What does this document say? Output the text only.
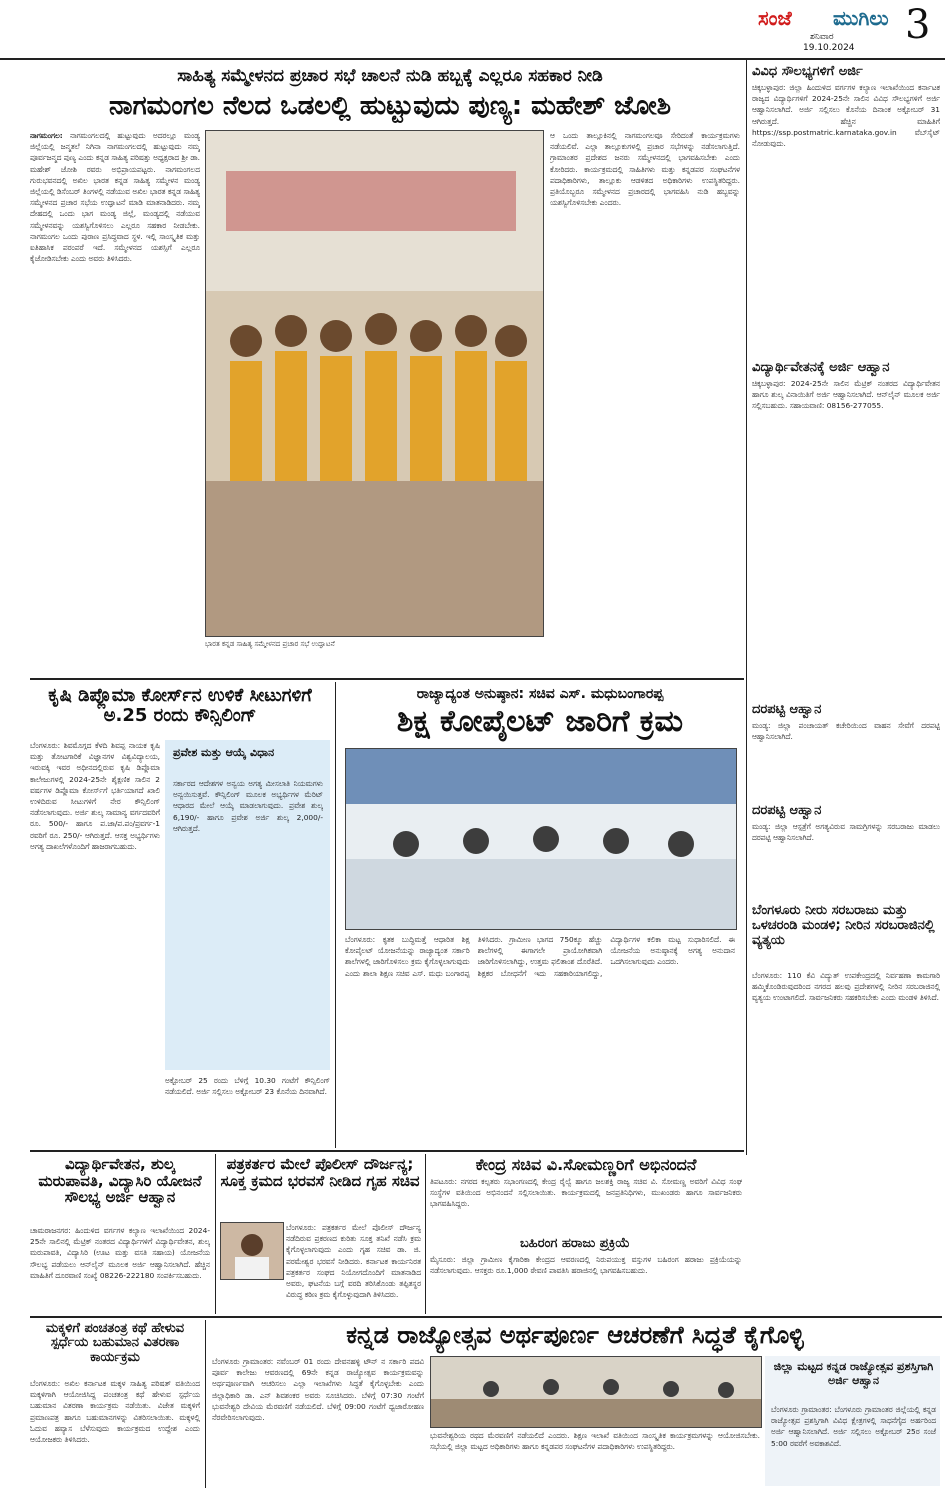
ಸಂಜೆ ಮುಗಿಲು
ಶನಿವಾರ
19.10.2024 3
ಸಾಹಿತ್ಯ ಸಮ್ಮೇಳನದ ಪ್ರಚಾರ ಸಭೆ ಚಾಲನೆ ನುಡಿ ಹಬ್ಬಕ್ಕೆ ಎಲ್ಲರೂ ಸಹಕಾರ ನೀಡಿ
ನಾಗಮಂಗಲ ನೆಲದ ಒಡಲಲ್ಲಿ ಹುಟ್ಟುವುದು ಪುಣ್ಯ: ಮಹೇಶ್ ಜೋಶಿ
ನಾಗಮಂಗಲ: ನಾಗಮಂಗಲದಲ್ಲಿ ಹುಟ್ಟುವುದು ಅದರಲ್ಲೂ ಮಂಡ್ಯ ಜಿಲ್ಲೆಯಲ್ಲಿ ಜನ್ಮತಲೆ ನಿಗಿನಾ ನಾಗಮಂಗಲದಲ್ಲಿ ಹುಟ್ಟುವುದು ನಮ್ಮ ಪೂರ್ವಜನ್ಮದ ಪುಣ್ಯ ಎಂದು ಕನ್ನಡ ಸಾಹಿತ್ಯ ಪರಿಷತ್ತು ಅಧ್ಯಕ್ಷರಾದ ಶ್ರೀ ಡಾ. ಮಹೇಶ್ ಜೋಶಿ ರವರು ಅಭಿಪ್ರಾಯಪಟ್ಟರು. ನಾಗಮಂಗಲದ ಗುರುಭವನದಲ್ಲಿ ಅಖಿಲ ಭಾರತ ಕನ್ನಡ ಸಾಹಿತ್ಯ ಸಮ್ಮೇಳನ ಮಂಡ್ಯ ಜಿಲ್ಲೆಯಲ್ಲಿ ಡಿಸೆಂಬರ್ ತಿಂಗಳಲ್ಲಿ ನಡೆಯುವ ಅಖಿಲ ಭಾರತ ಕನ್ನಡ ಸಾಹಿತ್ಯ ಸಮ್ಮೇಳನದ ಪ್ರಚಾರ ಸಭೆಯ ಉದ್ಘಾಟನೆ ಮಾಡಿ ಮಾತನಾಡಿದರು. ನಮ್ಮ ದೇಹದಲ್ಲಿ ಒಂದು ಭಾಗ ಮಂಡ್ಯ ಜಿಲ್ಲೆ, ಮಂಡ್ಯದಲ್ಲಿ ನಡೆಯುವ ಸಮ್ಮೇಳನವನ್ನು ಯಶಸ್ವಿಗೊಳಿಸಲು ಎಲ್ಲರೂ ಸಹಕಾರ ನೀಡಬೇಕು. ನಾಗಮಂಗಲ ಒಂದು ಪುರಾಣ ಪ್ರಸಿದ್ಧವಾದ ಸ್ಥಳ. ಇಲ್ಲಿ ಸಾಂಸ್ಕೃತಿಕ ಮತ್ತು ಐತಿಹಾಸಿಕ ಪರಂಪರೆ ಇದೆ. ಸಮ್ಮೇಳನದ ಯಶಸ್ಸಿಗೆ ಎಲ್ಲರೂ ಕೈಜೋಡಿಸಬೇಕು ಎಂದು ಅವರು ತಿಳಿಸಿದರು.
ಭಾರತ ಕನ್ನಡ ಸಾಹಿತ್ಯ ಸಮ್ಮೇಳನದ ಪ್ರಚಾರ ಸಭೆ ಉದ್ಘಾಟನೆ
ಆ ಒಂದು ತಾಲ್ಲೂಕಿನಲ್ಲಿ ನಾಗಮಂಗಲವೂ ಸೇರಿದಂತೆ ಕಾರ್ಯಕ್ರಮಗಳು ನಡೆಯಲಿವೆ. ಎಲ್ಲಾ ತಾಲ್ಲೂಕುಗಳಲ್ಲಿ ಪ್ರಚಾರ ಸಭೆಗಳನ್ನು ನಡೆಸಲಾಗುತ್ತಿದೆ. ಗ್ರಾಮಾಂತರ ಪ್ರದೇಶದ ಜನರು ಸಮ್ಮೇಳನದಲ್ಲಿ ಭಾಗವಹಿಸಬೇಕು ಎಂದು ಕೋರಿದರು. ಕಾರ್ಯಕ್ರಮದಲ್ಲಿ ಸಾಹಿತಿಗಳು ಮತ್ತು ಕನ್ನಡಪರ ಸಂಘಟನೆಗಳ ಪದಾಧಿಕಾರಿಗಳು, ತಾಲ್ಲೂಕು ಆಡಳಿತದ ಅಧಿಕಾರಿಗಳು ಉಪಸ್ಥಿತರಿದ್ದರು. ಪ್ರತಿಯೊಬ್ಬರೂ ಸಮ್ಮೇಳನದ ಪ್ರಚಾರದಲ್ಲಿ ಭಾಗವಹಿಸಿ ನುಡಿ ಹಬ್ಬವನ್ನು ಯಶಸ್ವಿಗೊಳಿಸಬೇಕು ಎಂದರು.
ವಿವಿಧ ಸೌಲಭ್ಯಗಳಿಗೆ ಅರ್ಜಿ
ಚಿಕ್ಕಬಳ್ಳಾಪುರ: ಜಿಲ್ಲಾ ಹಿಂದುಳಿದ ವರ್ಗಗಳ ಕಲ್ಯಾಣ ಇಲಾಖೆಯಿಂದ ಕರ್ನಾಟಕ ರಾಜ್ಯದ ವಿದ್ಯಾರ್ಥಿಗಳಿಗೆ 2024-25ನೇ ಸಾಲಿನ ವಿವಿಧ ಸೌಲಭ್ಯಗಳಿಗೆ ಅರ್ಜಿ ಆಹ್ವಾನಿಸಲಾಗಿದೆ. ಅರ್ಜಿ ಸಲ್ಲಿಸಲು ಕೊನೆಯ ದಿನಾಂಕ ಅಕ್ಟೋಬರ್ 31 ಆಗಿರುತ್ತದೆ. ಹೆಚ್ಚಿನ ಮಾಹಿತಿಗೆ https://ssp.postmatric.karnataka.gov.in ವೆಬ್‌ಸೈಟ್ ನೋಡುವುದು.
ವಿದ್ಯಾರ್ಥಿವೇತನಕ್ಕೆ ಅರ್ಜಿ ಆಹ್ವಾನ
ಚಿಕ್ಕಬಳ್ಳಾಪುರ: 2024-25ನೇ ಸಾಲಿನ ಮೆಟ್ರಿಕ್ ನಂತರದ ವಿದ್ಯಾರ್ಥಿವೇತನ ಹಾಗೂ ಶುಲ್ಕ ವಿನಾಯಿತಿಗೆ ಅರ್ಜಿ ಆಹ್ವಾನಿಸಲಾಗಿದೆ. ಆನ್‌ಲೈನ್ ಮೂಲಕ ಅರ್ಜಿ ಸಲ್ಲಿಸಬಹುದು. ಸಹಾಯವಾಣಿ: 08156-277055.
ದರಪಟ್ಟಿ ಆಹ್ವಾನ
ಮಂಡ್ಯ: ಜಿಲ್ಲಾ ಪಂಚಾಯತ್ ಕಚೇರಿಯಿಂದ ವಾಹನ ಸೇವೆಗೆ ದರಪಟ್ಟಿ ಆಹ್ವಾನಿಸಲಾಗಿದೆ.
ದರಪಟ್ಟಿ ಆಹ್ವಾನ
ಮಂಡ್ಯ: ಜಿಲ್ಲಾ ಆಸ್ಪತ್ರೆಗೆ ಅಗತ್ಯವಿರುವ ಸಾಮಗ್ರಿಗಳನ್ನು ಸರಬರಾಜು ಮಾಡಲು ದರಪಟ್ಟಿ ಆಹ್ವಾನಿಸಲಾಗಿದೆ.
ಬೆಂಗಳೂರು ನೀರು ಸರಬರಾಜು ಮತ್ತು ಒಳಚರಂಡಿ ಮಂಡಳಿ; ನೀರಿನ ಸರಬರಾಜಿನಲ್ಲಿ ವ್ಯತ್ಯಯ
ಬೆಂಗಳೂರು: 110 ಕೆವಿ ವಿದ್ಯುತ್ ಉಪಕೇಂದ್ರದಲ್ಲಿ ನಿರ್ವಹಣಾ ಕಾಮಗಾರಿ ಹಮ್ಮಿಕೊಂಡಿರುವುದರಿಂದ ನಗರದ ಹಲವು ಪ್ರದೇಶಗಳಲ್ಲಿ ನೀರಿನ ಸರಬರಾಜಿನಲ್ಲಿ ವ್ಯತ್ಯಯ ಉಂಟಾಗಲಿದೆ. ಸಾರ್ವಜನಿಕರು ಸಹಕರಿಸಬೇಕು ಎಂದು ಮಂಡಳಿ ತಿಳಿಸಿದೆ.
ಕೃಷಿ ಡಿಪ್ಲೊಮಾ ಕೋರ್ಸ್‌ನ ಉಳಿಕೆ ಸೀಟುಗಳಿಗೆ ಅ.25 ರಂದು ಕೌನ್ಸಿಲಿಂಗ್
ಬೆಂಗಳೂರು: ಶಿವಮೊಗ್ಗದ ಕೆಳದಿ ಶಿವಪ್ಪ ನಾಯಕ ಕೃಷಿ ಮತ್ತು ತೋಟಗಾರಿಕೆ ವಿಜ್ಞಾನಗಳ ವಿಶ್ವವಿದ್ಯಾಲಯ, ಇರುವಕ್ಕಿ ಇವರ ಅಧೀನದಲ್ಲಿರುವ ಕೃಷಿ ಡಿಪ್ಲೊಮಾ ಕಾಲೇಜುಗಳಲ್ಲಿ 2024-25ನೇ ಶೈಕ್ಷಣಿಕ ಸಾಲಿನ 2 ವರ್ಷಗಳ ಡಿಪ್ಲೊಮಾ ಕೋರ್ಸ್‌ಗೆ ಭರ್ತಿಯಾಗದೆ ಖಾಲಿ ಉಳಿದಿರುವ ಸೀಟುಗಳಿಗೆ ನೇರ ಕೌನ್ಸಿಲಿಂಗ್ ನಡೆಸಲಾಗುವುದು. ಅರ್ಜಿ ಶುಲ್ಕ ಸಾಮಾನ್ಯ ವರ್ಗದವರಿಗೆ ರೂ. 500/- ಹಾಗೂ ಪ.ಜಾ/ಪ.ಪಂ/ಪ್ರವರ್ಗ-1 ರವರಿಗೆ ರೂ. 250/- ಆಗಿರುತ್ತದೆ. ಆಸಕ್ತ ಅಭ್ಯರ್ಥಿಗಳು ಅಗತ್ಯ ದಾಖಲೆಗಳೊಂದಿಗೆ ಹಾಜರಾಗಬಹುದು.
ಪ್ರವೇಶ ಮತ್ತು ಆಯ್ಕೆ ವಿಧಾನ
ಸರ್ಕಾರದ ಆದೇಶಗಳ ಅನ್ವಯ ಅಗತ್ಯ ಮೀಸಲಾತಿ ನಿಯಮಗಳು ಅನ್ವಯಿಸುತ್ತವೆ. ಕೌನ್ಸಿಲಿಂಗ್ ಮೂಲಕ ಅಭ್ಯರ್ಥಿಗಳ ಮೆರಿಟ್ ಆಧಾರದ ಮೇಲೆ ಆಯ್ಕೆ ಮಾಡಲಾಗುವುದು. ಪ್ರವೇಶ ಶುಲ್ಕ 6,190/- ಹಾಗೂ ಪ್ರವೇಶ ಅರ್ಜಿ ಶುಲ್ಕ 2,000/- ಆಗಿರುತ್ತದೆ.
ಅಕ್ಟೋಬರ್ 25 ರಂದು ಬೆಳಿಗ್ಗೆ 10.30 ಗಂಟೆಗೆ ಕೌನ್ಸಿಲಿಂಗ್ ನಡೆಯಲಿದೆ. ಅರ್ಜಿ ಸಲ್ಲಿಸಲು ಅಕ್ಟೋಬರ್ 23 ಕೊನೆಯ ದಿನವಾಗಿದೆ.
ರಾಜ್ಯಾದ್ಯಂತ ಅನುಷ್ಠಾನ: ಸಚಿವ ಎಸ್. ಮಧುಬಂಗಾರಪ್ಪ
ಶಿಕ್ಷ ಕೋಪೈಲಟ್ ಜಾರಿಗೆ ಕ್ರಮ
ಬೆಂಗಳೂರು: ಕೃತಕ ಬುದ್ಧಿಮತ್ತೆ ಆಧಾರಿತ ಶಿಕ್ಷ ಕೋಪೈಲಟ್ ಯೋಜನೆಯನ್ನು ರಾಜ್ಯಾದ್ಯಂತ ಸರ್ಕಾರಿ ಶಾಲೆಗಳಲ್ಲಿ ಜಾರಿಗೊಳಿಸಲು ಕ್ರಮ ಕೈಗೊಳ್ಳಲಾಗುವುದು ಎಂದು ಶಾಲಾ ಶಿಕ್ಷಣ ಸಚಿವ ಎಸ್. ಮಧು ಬಂಗಾರಪ್ಪ ತಿಳಿಸಿದರು. ಗ್ರಾಮೀಣ ಭಾಗದ 750ಕ್ಕೂ ಹೆಚ್ಚು ಶಾಲೆಗಳಲ್ಲಿ ಈಗಾಗಲೇ ಪ್ರಾಯೋಗಿಕವಾಗಿ ಜಾರಿಗೊಳಿಸಲಾಗಿದ್ದು, ಉತ್ತಮ ಫಲಿತಾಂಶ ದೊರೆತಿದೆ. ಶಿಕ್ಷಕರ ಬೋಧನೆಗೆ ಇದು ಸಹಕಾರಿಯಾಗಲಿದ್ದು, ವಿದ್ಯಾರ್ಥಿಗಳ ಕಲಿಕಾ ಮಟ್ಟ ಸುಧಾರಿಸಲಿದೆ. ಈ ಯೋಜನೆಯ ಅನುಷ್ಠಾನಕ್ಕೆ ಅಗತ್ಯ ಅನುದಾನ ಒದಗಿಸಲಾಗುವುದು ಎಂದರು.
ವಿದ್ಯಾರ್ಥಿವೇತನ, ಶುಲ್ಕ ಮರುಪಾವತಿ, ವಿದ್ಯಾಸಿರಿ ಯೋಜನೆ ಸೌಲಭ್ಯ ಅರ್ಜಿ ಆಹ್ವಾನ
ಚಾಮರಾಜನಗರ: ಹಿಂದುಳಿದ ವರ್ಗಗಳ ಕಲ್ಯಾಣ ಇಲಾಖೆಯಿಂದ 2024-25ನೇ ಸಾಲಿನಲ್ಲಿ ಮೆಟ್ರಿಕ್ ನಂತರದ ವಿದ್ಯಾರ್ಥಿಗಳಿಗೆ ವಿದ್ಯಾರ್ಥಿವೇತನ, ಶುಲ್ಕ ಮರುಪಾವತಿ, ವಿದ್ಯಾಸಿರಿ (ಊಟ ಮತ್ತು ವಸತಿ ಸಹಾಯ) ಯೋಜನೆಯ ಸೌಲಭ್ಯ ಪಡೆಯಲು ಆನ್‌ಲೈನ್ ಮೂಲಕ ಅರ್ಜಿ ಆಹ್ವಾನಿಸಲಾಗಿದೆ. ಹೆಚ್ಚಿನ ಮಾಹಿತಿಗೆ ದೂರವಾಣಿ ಸಂಖ್ಯೆ 08226-222180 ಸಂಪರ್ಕಿಸಬಹುದು.
ಪತ್ರಕರ್ತರ ಮೇಲೆ ಪೊಲೀಸ್ ದೌರ್ಜನ್ಯ; ಸೂಕ್ತ ಕ್ರಮದ ಭರವಸೆ ನೀಡಿದ ಗೃಹ ಸಚಿವ
ಬೆಂಗಳೂರು: ಪತ್ರಕರ್ತರ ಮೇಲೆ ಪೊಲೀಸ್ ದೌರ್ಜನ್ಯ ನಡೆದಿರುವ ಪ್ರಕರಣದ ಕುರಿತು ಸೂಕ್ತ ತನಿಖೆ ನಡೆಸಿ ಕ್ರಮ ಕೈಗೊಳ್ಳಲಾಗುವುದು ಎಂದು ಗೃಹ ಸಚಿವ ಡಾ. ಜಿ. ಪರಮೇಶ್ವರ ಭರವಸೆ ನೀಡಿದರು. ಕರ್ನಾಟಕ ಕಾರ್ಯನಿರತ ಪತ್ರಕರ್ತರ ಸಂಘದ ನಿಯೋಗದೊಂದಿಗೆ ಮಾತನಾಡಿದ ಅವರು, ಘಟನೆಯ ಬಗ್ಗೆ ವರದಿ ತರಿಸಿಕೊಂಡು ತಪ್ಪಿತಸ್ಥರ ವಿರುದ್ಧ ಕಠಿಣ ಕ್ರಮ ಕೈಗೊಳ್ಳುವುದಾಗಿ ತಿಳಿಸಿದರು.
ಕೇಂದ್ರ ಸಚಿವ ವಿ.ಸೋಮಣ್ಣರಿಗೆ ಅಭಿನಂದನೆ
ತಿಪಟೂರು: ನಗರದ ಕಲ್ಪತರು ಸಭಾಂಗಣದಲ್ಲಿ ಕೇಂದ್ರ ರೈಲ್ವೆ ಹಾಗೂ ಜಲಶಕ್ತಿ ರಾಜ್ಯ ಸಚಿವ ವಿ. ಸೋಮಣ್ಣ ಅವರಿಗೆ ವಿವಿಧ ಸಂಘ ಸಂಸ್ಥೆಗಳ ವತಿಯಿಂದ ಅಭಿನಂದನೆ ಸಲ್ಲಿಸಲಾಯಿತು. ಕಾರ್ಯಕ್ರಮದಲ್ಲಿ ಜನಪ್ರತಿನಿಧಿಗಳು, ಮುಖಂಡರು ಹಾಗೂ ಸಾರ್ವಜನಿಕರು ಭಾಗವಹಿಸಿದ್ದರು.
ಬಹಿರಂಗ ಹರಾಜು ಪ್ರಕ್ರಿಯೆ
ಮೈಸೂರು: ಜಿಲ್ಲಾ ಗ್ರಾಮೀಣ ಕೈಗಾರಿಕಾ ಕೇಂದ್ರದ ಆವರಣದಲ್ಲಿ ನಿರುಪಯುಕ್ತ ವಸ್ತುಗಳ ಬಹಿರಂಗ ಹರಾಜು ಪ್ರಕ್ರಿಯೆಯನ್ನು ನಡೆಸಲಾಗುವುದು. ಆಸಕ್ತರು ರೂ.1,000 ಠೇವಣಿ ಪಾವತಿಸಿ ಹರಾಜಿನಲ್ಲಿ ಭಾಗವಹಿಸಬಹುದು.
ಮಕ್ಕಳಿಗೆ ಪಂಚತಂತ್ರ ಕಥೆ ಹೇಳುವ ಸ್ಪರ್ಧೆಯ ಬಹುಮಾನ ವಿತರಣಾ ಕಾರ್ಯಕ್ರಮ
ಬೆಂಗಳೂರು: ಅಖಿಲ ಕರ್ನಾಟಕ ಮಕ್ಕಳ ಸಾಹಿತ್ಯ ಪರಿಷತ್ ವತಿಯಿಂದ ಮಕ್ಕಳಿಗಾಗಿ ಆಯೋಜಿಸಿದ್ದ ಪಂಚತಂತ್ರ ಕಥೆ ಹೇಳುವ ಸ್ಪರ್ಧೆಯ ಬಹುಮಾನ ವಿತರಣಾ ಕಾರ್ಯಕ್ರಮ ನಡೆಯಿತು. ವಿಜೇತ ಮಕ್ಕಳಿಗೆ ಪ್ರಮಾಣಪತ್ರ ಹಾಗೂ ಬಹುಮಾನಗಳನ್ನು ವಿತರಿಸಲಾಯಿತು. ಮಕ್ಕಳಲ್ಲಿ ಓದುವ ಹವ್ಯಾಸ ಬೆಳೆಸುವುದು ಕಾರ್ಯಕ್ರಮದ ಉದ್ದೇಶ ಎಂದು ಆಯೋಜಕರು ತಿಳಿಸಿದರು.
ಕನ್ನಡ ರಾಜ್ಯೋತ್ಸವ ಅರ್ಥಪೂರ್ಣ ಆಚರಣೆಗೆ ಸಿದ್ಧತೆ ಕೈಗೊಳ್ಳಿ
ಬೆಂಗಳೂರು ಗ್ರಾಮಾಂತರ: ನವೆಂಬರ್ 01 ರಂದು ದೇವನಹಳ್ಳಿ ಟೌನ್ ನ ಸರ್ಕಾರಿ ಪದವಿ ಪೂರ್ವ ಕಾಲೇಜು ಆವರಣದಲ್ಲಿ 69ನೇ ಕನ್ನಡ ರಾಜ್ಯೋತ್ಸವ ಕಾರ್ಯಕ್ರಮವನ್ನು ಅರ್ಥಪೂರ್ಣವಾಗಿ ಆಚರಿಸಲು ಎಲ್ಲಾ ಇಲಾಖೆಗಳು ಸಿದ್ಧತೆ ಕೈಗೊಳ್ಳಬೇಕು ಎಂದು ಜಿಲ್ಲಾಧಿಕಾರಿ ಡಾ. ಎನ್ ಶಿವಶಂಕರ ಅವರು ಸೂಚಿಸಿದರು. ಬೆಳಿಗ್ಗೆ 07:30 ಗಂಟೆಗೆ ಭುವನೇಶ್ವರಿ ದೇವಿಯ ಮೆರವಣಿಗೆ ನಡೆಯಲಿದೆ. ಬೆಳಿಗ್ಗೆ 09:00 ಗಂಟೆಗೆ ಧ್ವಜಾರೋಹಣ ನೆರವೇರಿಸಲಾಗುವುದು.
ಭುವನೇಶ್ವರಿಯ ರಥದ ಮೆರವಣಿಗೆ ನಡೆಯಲಿದೆ ಎಂದರು. ಶಿಕ್ಷಣ ಇಲಾಖೆ ವತಿಯಿಂದ ಸಾಂಸ್ಕೃತಿಕ ಕಾರ್ಯಕ್ರಮಗಳನ್ನು ಆಯೋಜಿಸಬೇಕು. ಸಭೆಯಲ್ಲಿ ಜಿಲ್ಲಾ ಮಟ್ಟದ ಅಧಿಕಾರಿಗಳು ಹಾಗೂ ಕನ್ನಡಪರ ಸಂಘಟನೆಗಳ ಪದಾಧಿಕಾರಿಗಳು ಉಪಸ್ಥಿತರಿದ್ದರು.
ಜಿಲ್ಲಾ ಮಟ್ಟದ ಕನ್ನಡ ರಾಜ್ಯೋತ್ಸವ ಪ್ರಶಸ್ತಿಗಾಗಿ ಅರ್ಜಿ ಆಹ್ವಾನ
ಬೆಂಗಳೂರು ಗ್ರಾಮಾಂತರ: ಬೆಂಗಳೂರು ಗ್ರಾಮಾಂತರ ಜಿಲ್ಲೆಯಲ್ಲಿ ಕನ್ನಡ ರಾಜ್ಯೋತ್ಸವ ಪ್ರಶಸ್ತಿಗಾಗಿ ವಿವಿಧ ಕ್ಷೇತ್ರಗಳಲ್ಲಿ ಸಾಧನೆಗೈದ ಅರ್ಹರಿಂದ ಅರ್ಜಿ ಆಹ್ವಾನಿಸಲಾಗಿದೆ. ಅರ್ಜಿ ಸಲ್ಲಿಸಲು ಅಕ್ಟೋಬರ್ 25ರ ಸಂಜೆ 5:00 ರವರೆಗೆ ಅವಕಾಶವಿದೆ.
